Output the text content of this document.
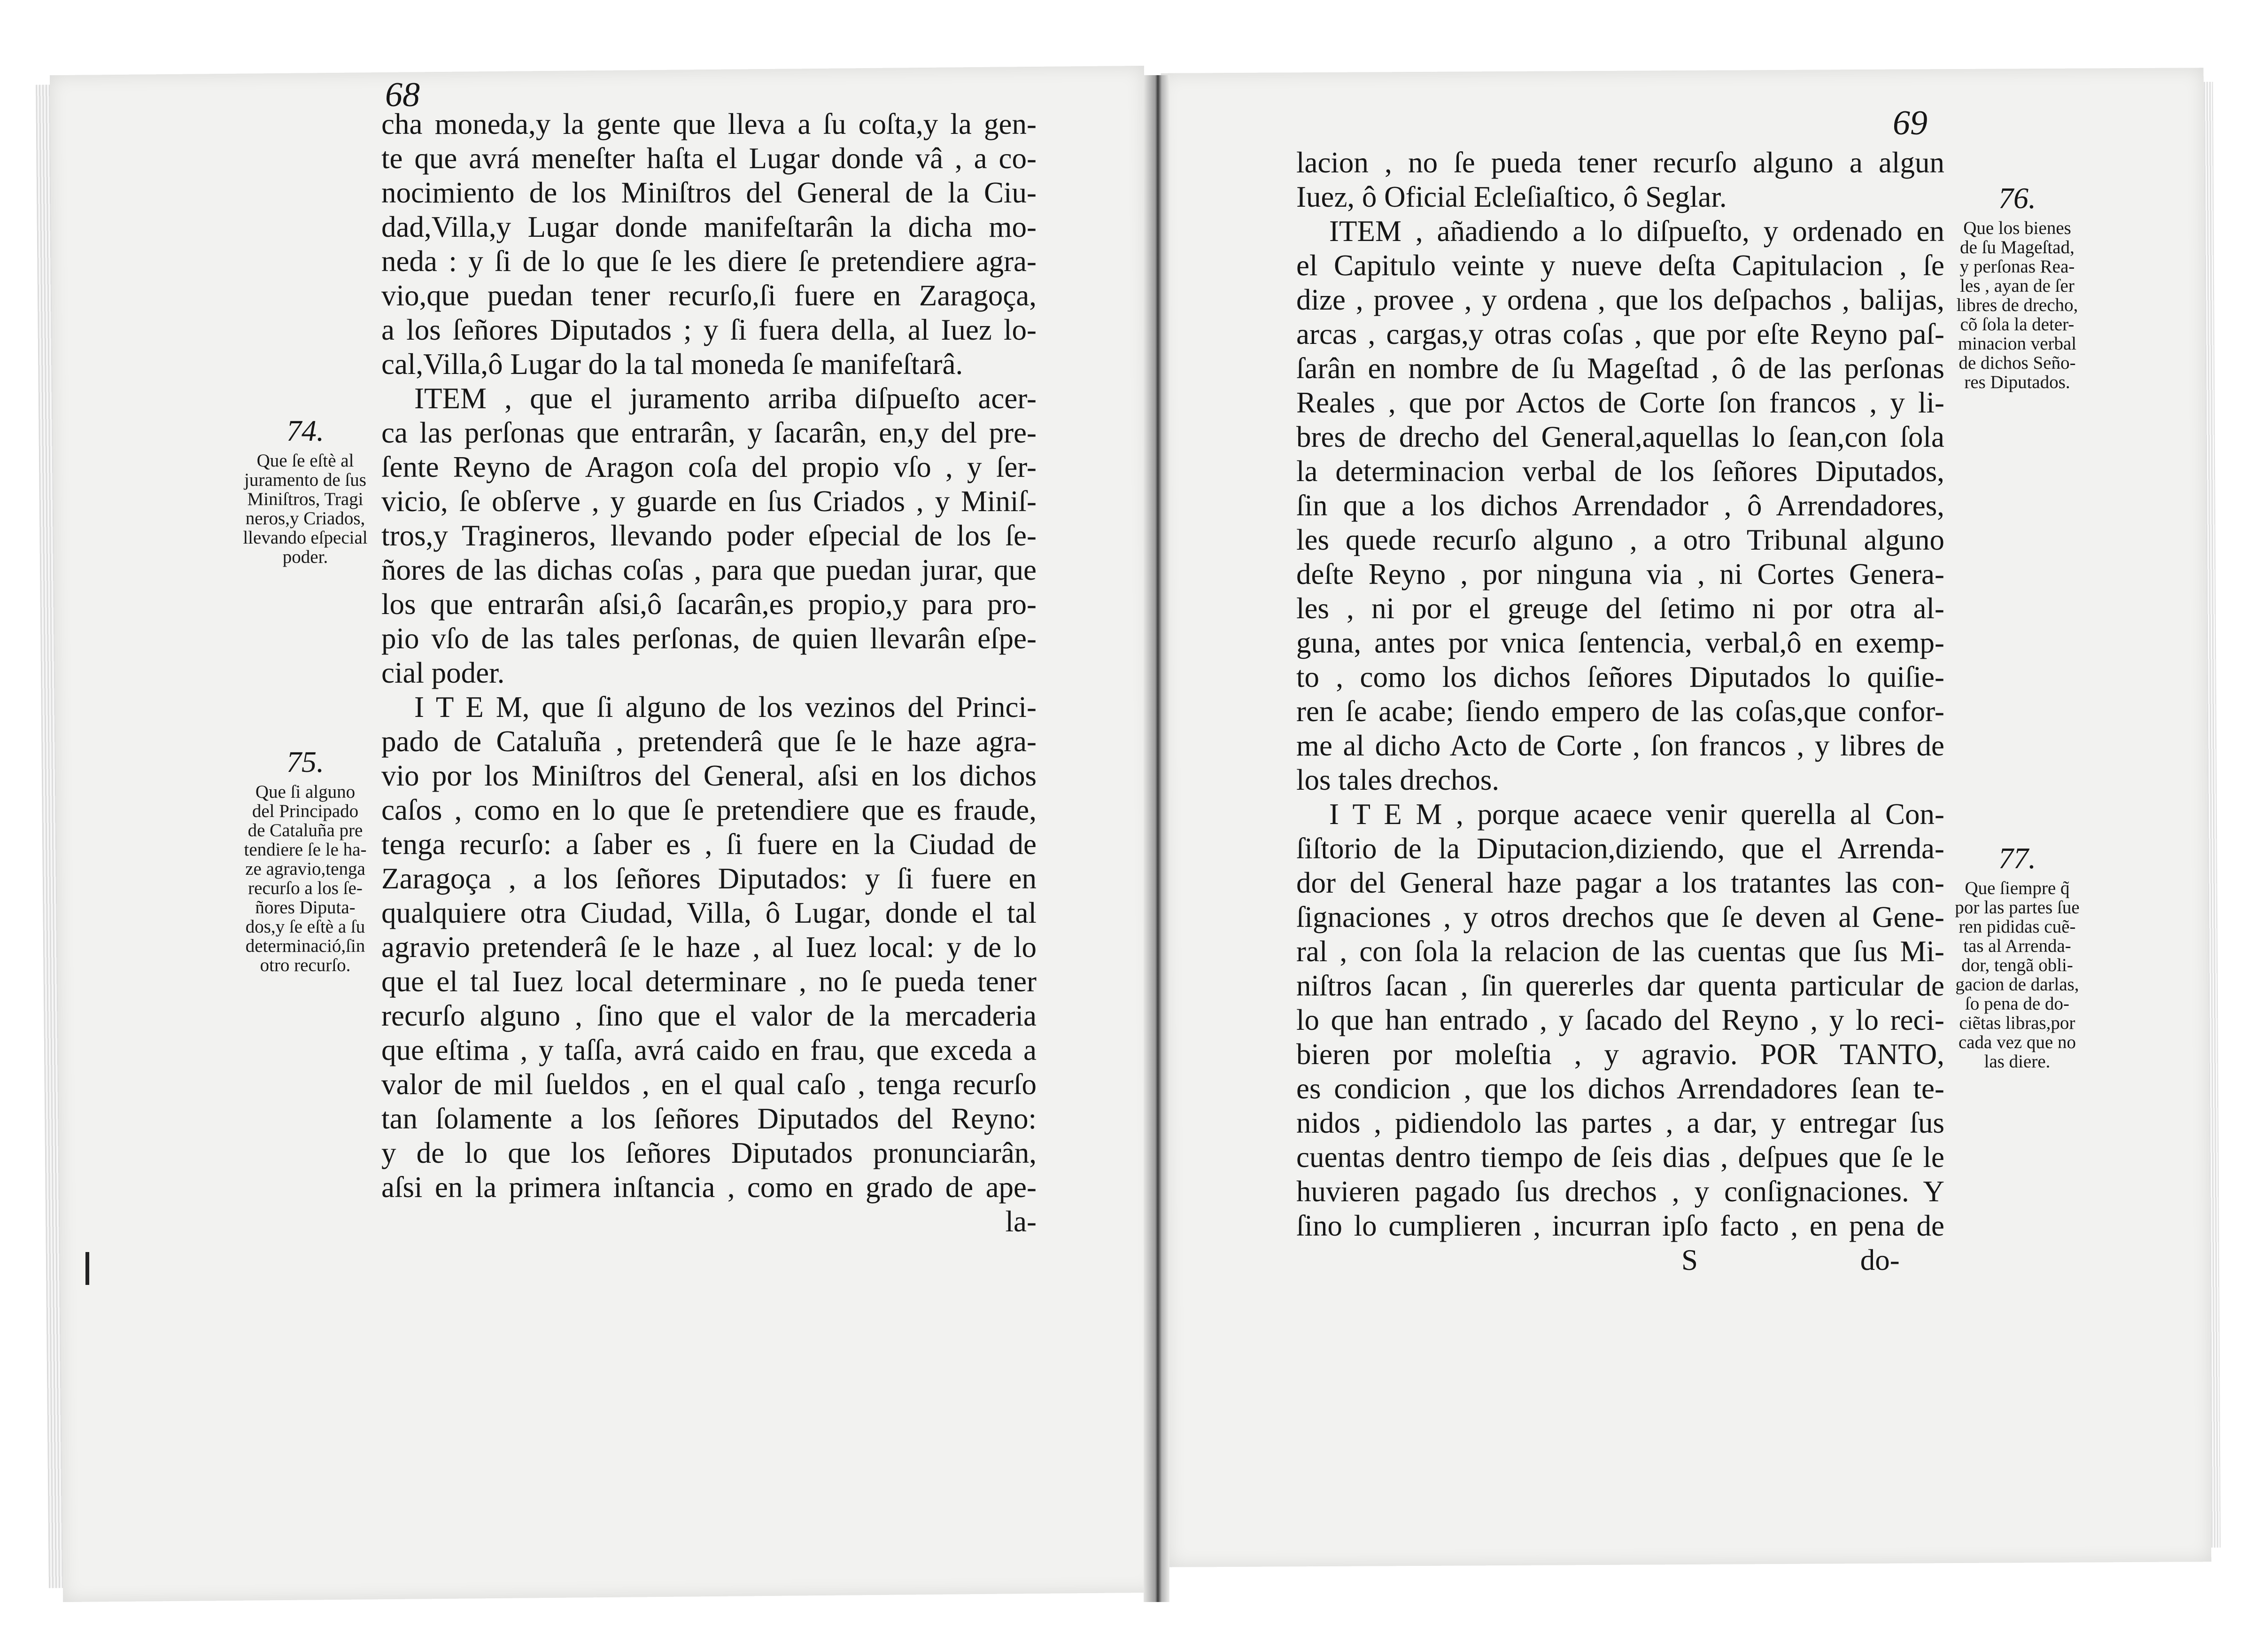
68
69
cha moneda,y la gente que lleva a ſu coſta,y la gen-
te que avrá meneſter haſta el Lugar donde vâ , a co-
nocimiento de los Miniſtros del General de la Ciu-
dad,Villa,y Lugar donde manifeſtarân la dicha mo-
neda : y ſi de lo que ſe les diere ſe pretendiere agra-
vio,que puedan tener recurſo,ſi fuere en Zaragoça,
a los ſeñores Diputados ; y ſi fuera della, al Iuez lo-
cal,Villa,ô Lugar do la tal moneda ſe manifeſtarâ.
ITEM , que el juramento arriba diſpueſto acer-
ca las perſonas que entrarân, y ſacarân, en,y del pre-
ſente Reyno de Aragon coſa del propio vſo , y ſer-
vicio, ſe obſerve , y guarde en ſus Criados , y Miniſ-
tros,y Tragineros, llevando poder eſpecial de los ſe-
ñores de las dichas coſas , para que puedan jurar, que
los que entrarân aſsi,ô ſacarân,es propio,y para pro-
pio vſo de las tales perſonas, de quien llevarân eſpe-
cial poder.
I T E M, que ſi alguno de los vezinos del Princi-
pado de Cataluña , pretenderâ que ſe le haze agra-
vio por los Miniſtros del General, aſsi en los dichos
caſos , como en lo que ſe pretendiere que es fraude,
tenga recurſo: a ſaber es , ſi fuere en la Ciudad de
Zaragoça , a los ſeñores Diputados: y ſi fuere en
qualquiere otra Ciudad, Villa, ô Lugar, donde el tal
agravio pretenderâ ſe le haze , al Iuez local: y de lo
que el tal Iuez local determinare , no ſe pueda tener
recurſo alguno , ſino que el valor de la mercaderia
que eſtima , y taſſa, avrá caido en frau, que exceda a
valor de mil ſueldos , en el qual caſo , tenga recurſo
tan ſolamente a los ſeñores Diputados del Reyno:
y de lo que los ſeñores Diputados pronunciarân,
aſsi en la primera inſtancia , como en grado de ape-
la-
74.
Que ſe eſtè al
juramento de ſus
Miniſtros, Tragi
neros,y Criados,
llevando eſpecial
poder.
75.
Que ſi alguno
del Principado
de Cataluña pre
tendiere ſe le ha-
ze agravio,tenga
recurſo a los ſe-
ñores Diputa-
dos,y ſe eſtè a ſu
determinació,ſin
otro recurſo.
lacion , no ſe pueda tener recurſo alguno a algun
Iuez, ô Oficial Ecleſiaſtico, ô Seglar.
ITEM , añadiendo a lo diſpueſto, y ordenado en
el Capitulo veinte y nueve deſta Capitulacion , ſe
dize , provee , y ordena , que los deſpachos , balijas,
arcas , cargas,y otras coſas , que por eſte Reyno paſ-
ſarân en nombre de ſu Mageſtad , ô de las perſonas
Reales , que por Actos de Corte ſon francos , y li-
bres de drecho del General,aquellas lo ſean,con ſola
la determinacion verbal de los ſeñores Diputados,
ſin que a los dichos Arrendador , ô Arrendadores,
les quede recurſo alguno , a otro Tribunal alguno
deſte Reyno , por ninguna via , ni Cortes Genera-
les , ni por el greuge del ſetimo ni por otra al-
guna, antes por vnica ſentencia, verbal,ô en exemp-
to , como los dichos ſeñores Diputados lo quiſie-
ren ſe acabe; ſiendo empero de las coſas,que confor-
me al dicho Acto de Corte , ſon francos , y libres de
los tales drechos.
I T E M , porque acaece venir querella al Con-
ſiſtorio de la Diputacion,diziendo, que el Arrenda-
dor del General haze pagar a los tratantes las con-
ſignaciones , y otros drechos que ſe deven al Gene-
ral , con ſola la relacion de las cuentas que ſus Mi-
niſtros ſacan , ſin quererles dar quenta particular de
lo que han entrado , y ſacado del Reyno , y lo reci-
bieren por moleſtia , y agravio. POR TANTO,
es condicion , que los dichos Arrendadores ſean te-
nidos , pidiendolo las partes , a dar, y entregar ſus
cuentas dentro tiempo de ſeis dias , deſpues que ſe le
huvieren pagado ſus drechos , y conſignaciones. Y
ſino lo cumplieren , incurran ipſo facto , en pena de
S do-
76.
Que los bienes
de ſu Mageſtad,
y perſonas Rea-
les , ayan de ſer
libres de drecho,
cõ ſola la deter-
minacion verbal
de dichos Seño-
res Diputados.
77.
Que ſiempre q̃
por las partes ſue
ren pididas cuẽ-
tas al Arrenda-
dor, tengã obli-
gacion de darlas,
ſo pena de do-
ciẽtas libras,por
cada vez que no
las diere.
